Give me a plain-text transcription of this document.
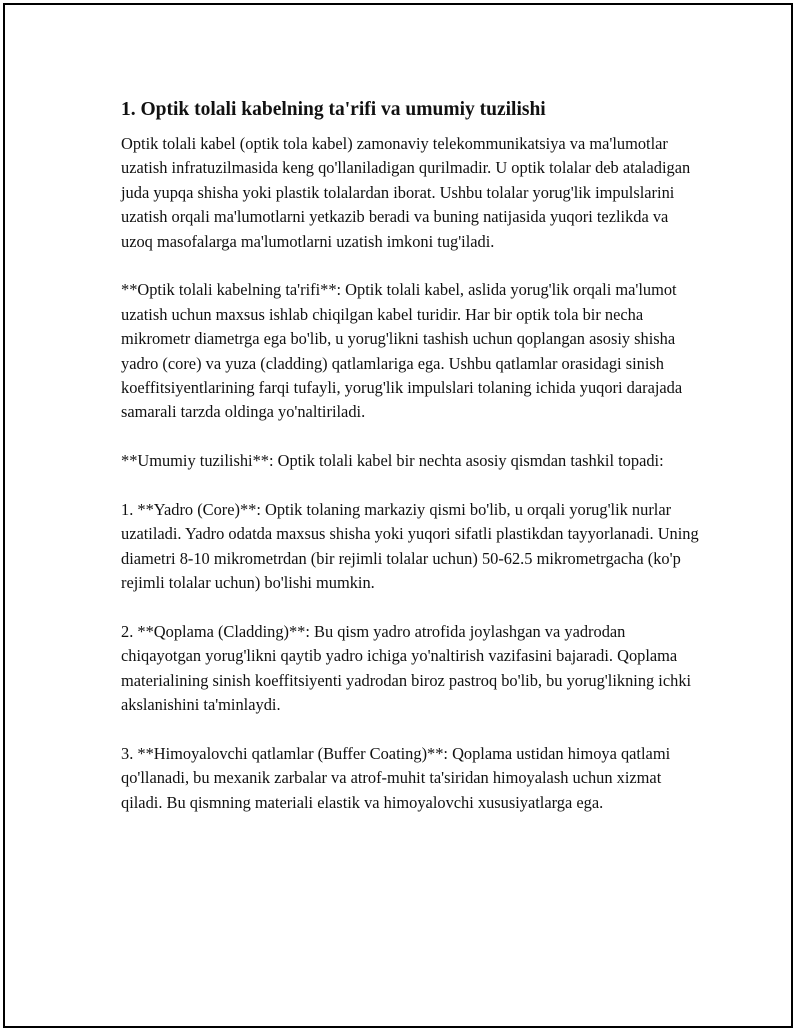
1. Optik tolali kabelning ta'rifi va umumiy tuzilishi

Optik tolali kabel (optik tola kabel) zamonaviy telekommunikatsiya va ma'lumotlar uzatish infratuzilmasida keng qo'llaniladigan qurilmadir. U optik tolalar deb ataladigan juda yupqa shisha yoki plastik tolalardan iborat. Ushbu tolalar yorug'lik impulslarini uzatish orqali ma'lumotlarni yetkazib beradi va buning natijasida yuqori tezlikda va uzoq masofalarga ma'lumotlarni uzatish imkoni tug'iladi.

**Optik tolali kabelning ta'rifi**: Optik tolali kabel, aslida yorug'lik orqali ma'lumot uzatish uchun maxsus ishlab chiqilgan kabel turidir. Har bir optik tola bir necha mikrometr diametrga ega bo'lib, u yorug'likni tashish uchun qoplangan asosiy shisha yadro (core) va yuza (cladding) qatlamlariga ega. Ushbu qatlamlar orasidagi sinish koeffitsiyentlarining farqi tufayli, yorug'lik impulslari tolaning ichida yuqori darajada samarali tarzda oldinga yo'naltiriladi.

**Umumiy tuzilishi**: Optik tolali kabel bir nechta asosiy qismdan tashkil topadi:

1. **Yadro (Core)**: Optik tolaning markaziy qismi bo'lib, u orqali yorug'lik nurlar uzatiladi. Yadro odatda maxsus shisha yoki yuqori sifatli plastikdan tayyorlanadi. Uning diametri 8-10 mikrometrdan (bir rejimli tolalar uchun) 50-62.5 mikrometrgacha (ko'p rejimli tolalar uchun) bo'lishi mumkin.

2. **Qoplama (Cladding)**: Bu qism yadro atrofida joylashgan va yadrodan chiqayotgan yorug'likni qaytib yadro ichiga yo'naltirish vazifasini bajaradi. Qoplama materialining sinish koeffitsiyenti yadrodan biroz pastroq bo'lib, bu yorug'likning ichki akslanishini ta'minlaydi.

3. **Himoyalovchi qatlamlar (Buffer Coating)**: Qoplama ustidan himoya qatlami qo'llanadi, bu mexanik zarbalar va atrof-muhit ta'siridan himoyalash uchun xizmat qiladi. Bu qismning materiali elastik va himoyalovchi xususiyatlarga ega.
